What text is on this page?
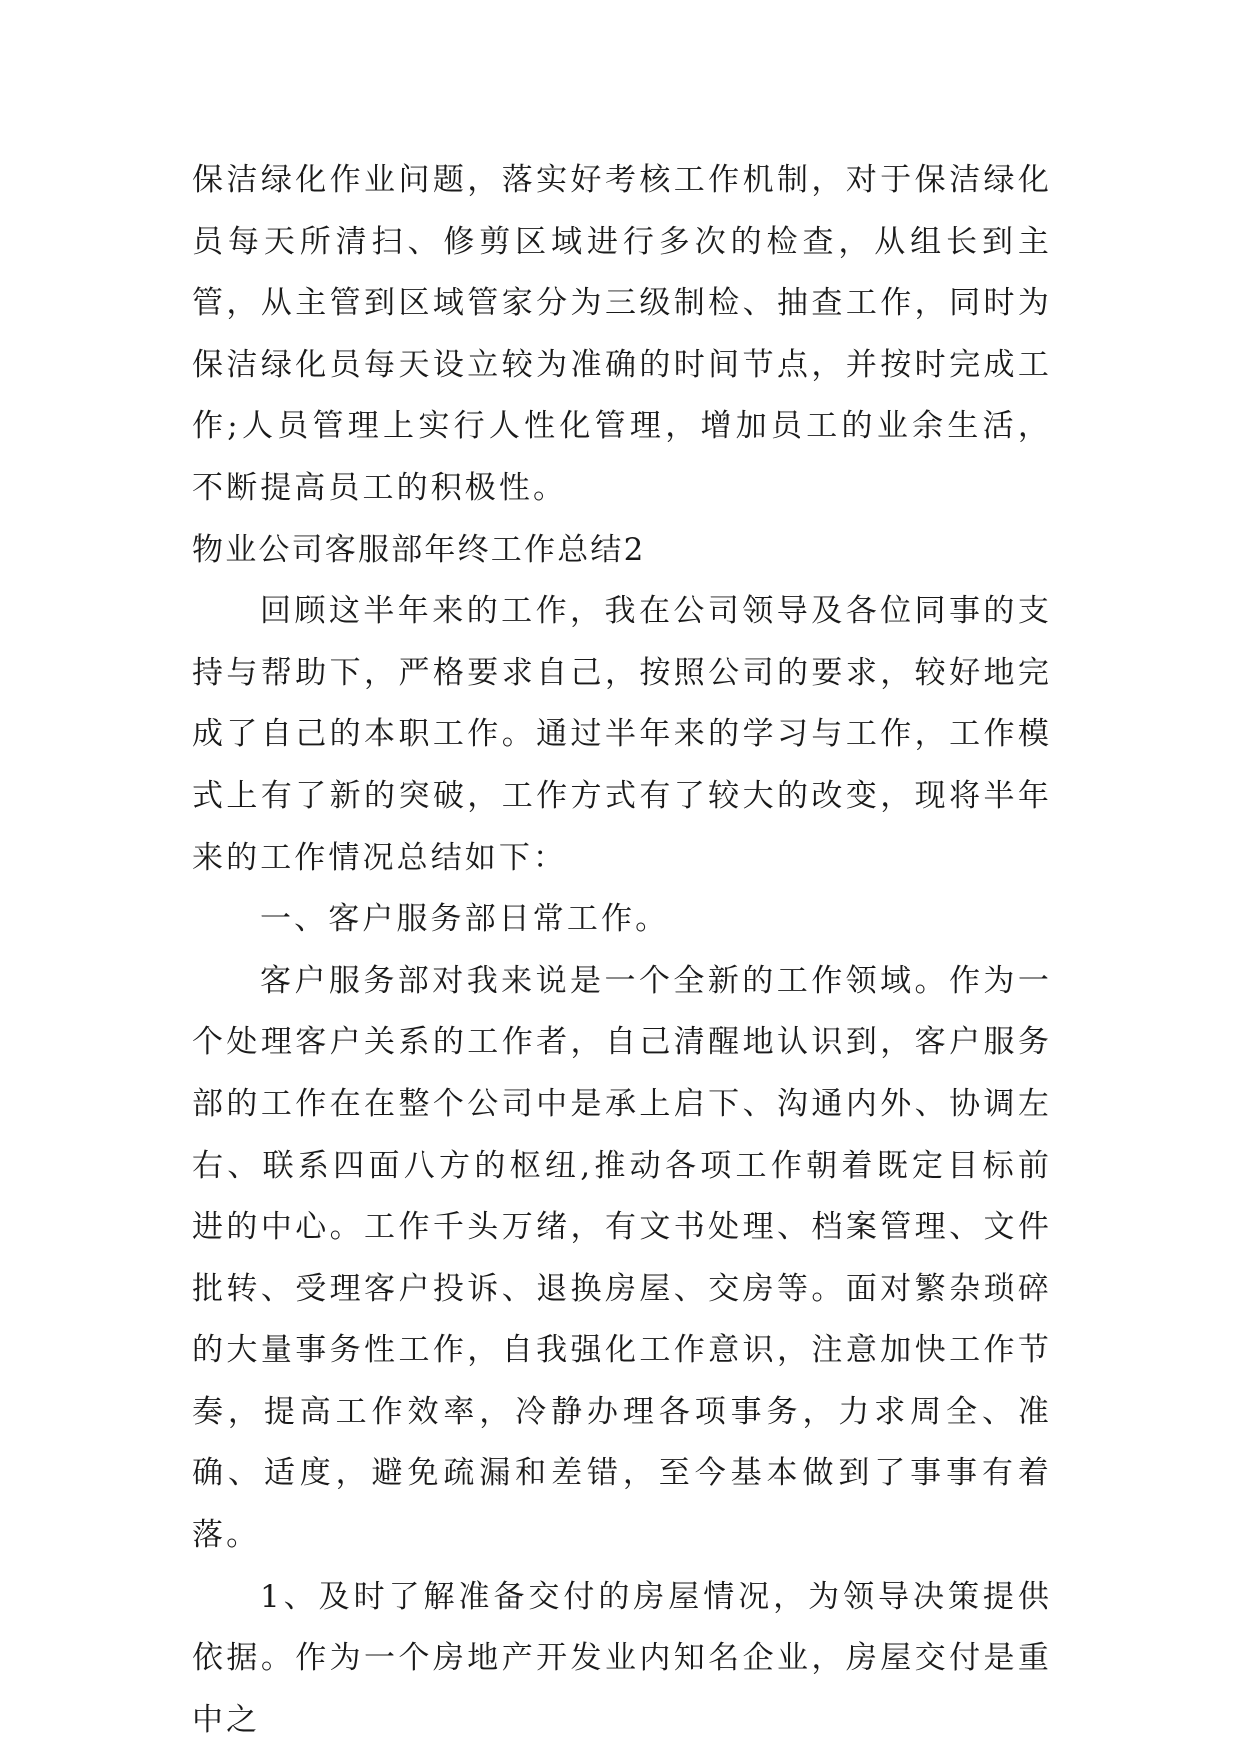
保洁绿化作业问题，落实好考核工作机制，对于保洁绿化员每天所清扫、修剪区域进行多次的检查，从组长到主管，从主管到区域管家分为三级制检、抽查工作，同时为保洁绿化员每天设立较为准确的时间节点，并按时完成工作;人员管理上实行人性化管理，增加员工的业余生活，不断提高员工的积极性。

物业公司客服部年终工作总结2

回顾这半年来的工作，我在公司领导及各位同事的支持与帮助下，严格要求自己，按照公司的要求，较好地完成了自己的本职工作。通过半年来的学习与工作，工作模式上有了新的突破，工作方式有了较大的改变，现将半年来的工作情况总结如下：

一、客户服务部日常工作。

客户服务部对我来说是一个全新的工作领域。作为一个处理客户关系的工作者，自己清醒地认识到，客户服务部的工作在在整个公司中是承上启下、沟通内外、协调左右、联系四面八方的枢纽,推动各项工作朝着既定目标前进的中心。工作千头万绪，有文书处理、档案管理、文件批转、受理客户投诉、退换房屋、交房等。面对繁杂琐碎的大量事务性工作，自我强化工作意识，注意加快工作节奏，提高工作效率，冷静办理各项事务，力求周全、准确、适度，避免疏漏和差错，至今基本做到了事事有着落。

1、及时了解准备交付的房屋情况，为领导决策提供依据。作为一个房地产开发业内知名企业，房屋交付是重中之
